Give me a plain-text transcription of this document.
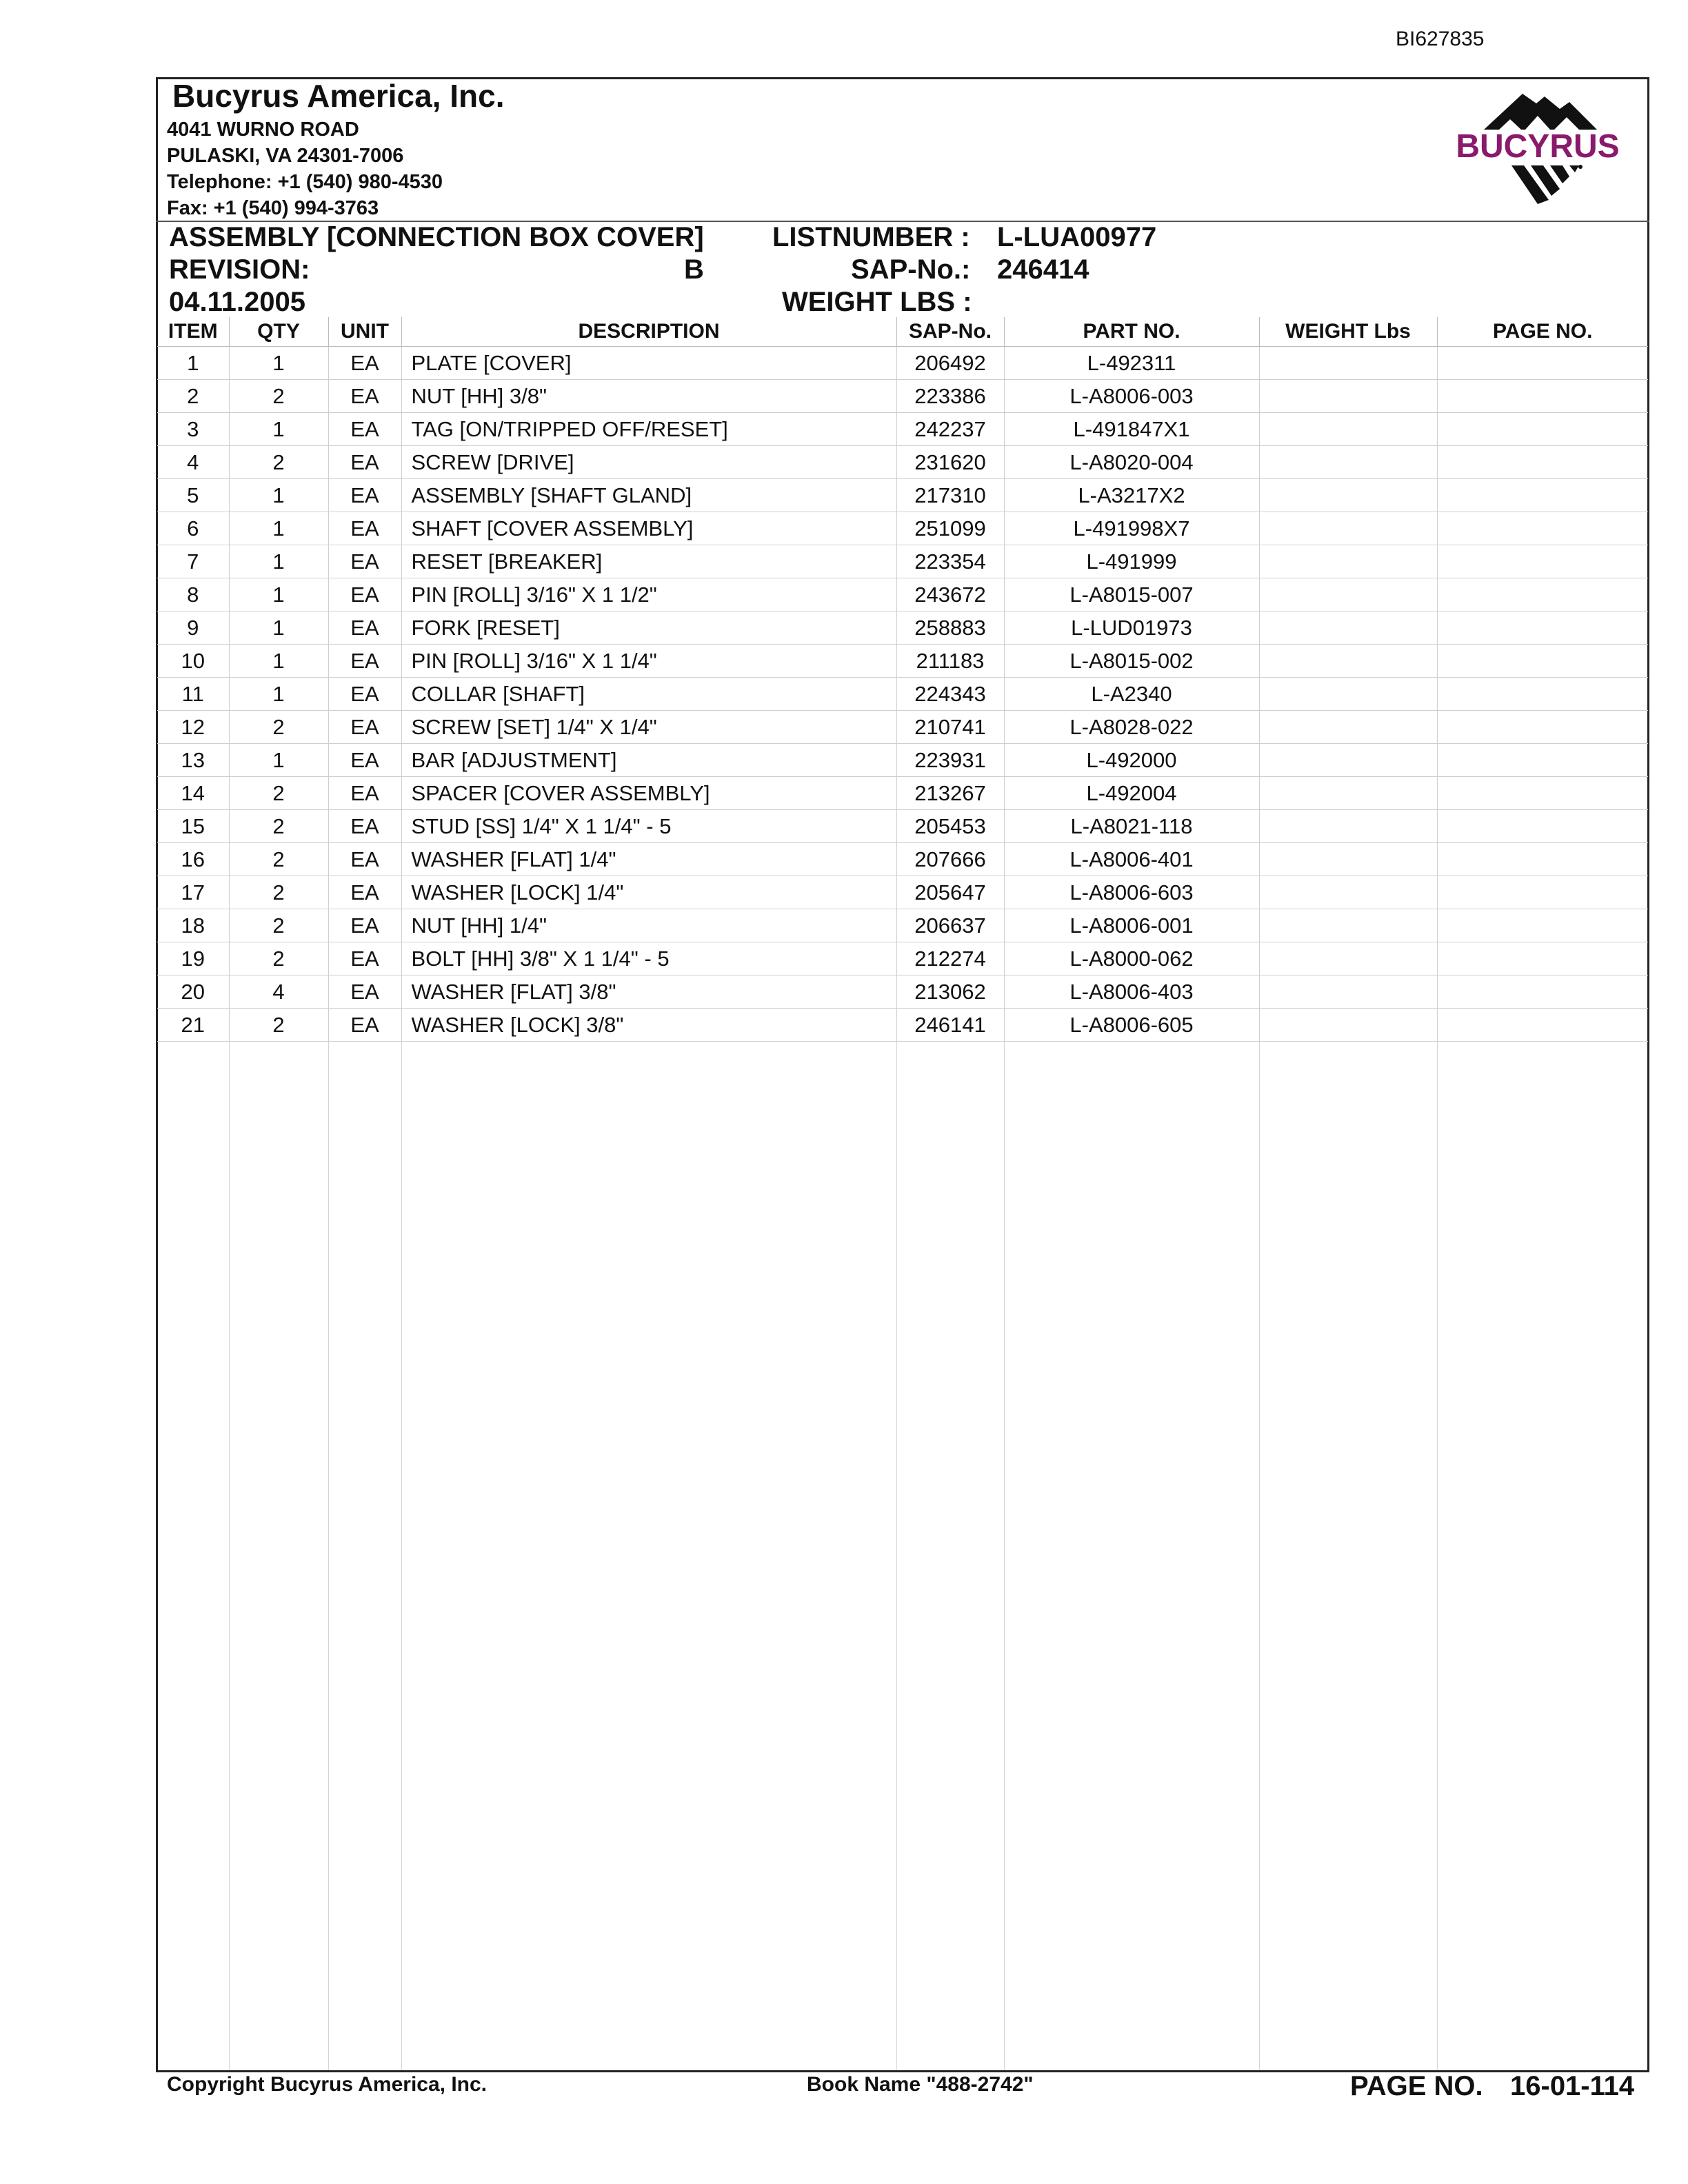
BI627835
Bucyrus America, Inc.
4041 WURNO ROAD
PULASKI, VA 24301-7006
Telephone: +1 (540) 980-4530
Fax: +1 (540) 994-3763
BUCYRUS
ASSEMBLY [CONNECTION BOX COVER] LISTNUMBER : L-LUA00977
REVISION:	B	SAP-No.: 246414
04.11.2005	WEIGHT LBS :
ITEM	QTY	UNIT	DESCRIPTION	SAP-No.	PART NO.	WEIGHT Lbs	PAGE NO.
1	1	EA	PLATE [COVER]	206492	L-492311		
2	2	EA	NUT [HH] 3/8"	223386	L-A8006-003		
3	1	EA	TAG [ON/TRIPPED OFF/RESET]	242237	L-491847X1		
4	2	EA	SCREW [DRIVE]	231620	L-A8020-004		
5	1	EA	ASSEMBLY [SHAFT GLAND]	217310	L-A3217X2		
6	1	EA	SHAFT [COVER ASSEMBLY]	251099	L-491998X7		
7	1	EA	RESET [BREAKER]	223354	L-491999		
8	1	EA	PIN [ROLL] 3/16" X 1 1/2"	243672	L-A8015-007		
9	1	EA	FORK [RESET]	258883	L-LUD01973		
10	1	EA	PIN [ROLL] 3/16" X 1 1/4"	211183	L-A8015-002		
11	1	EA	COLLAR [SHAFT]	224343	L-A2340		
12	2	EA	SCREW [SET] 1/4" X 1/4"	210741	L-A8028-022		
13	1	EA	BAR [ADJUSTMENT]	223931	L-492000		
14	2	EA	SPACER [COVER ASSEMBLY]	213267	L-492004		
15	2	EA	STUD [SS] 1/4" X 1 1/4" - 5	205453	L-A8021-118		
16	2	EA	WASHER [FLAT] 1/4"	207666	L-A8006-401		
17	2	EA	WASHER [LOCK] 1/4"	205647	L-A8006-603		
18	2	EA	NUT [HH] 1/4"	206637	L-A8006-001		
19	2	EA	BOLT [HH] 3/8" X 1 1/4" - 5	212274	L-A8000-062		
20	4	EA	WASHER [FLAT] 3/8"	213062	L-A8006-403		
21	2	EA	WASHER [LOCK] 3/8"	246141	L-A8006-605		
Copyright Bucyrus America, Inc.	Book Name "488-2742"	PAGE NO. 16-01-114
